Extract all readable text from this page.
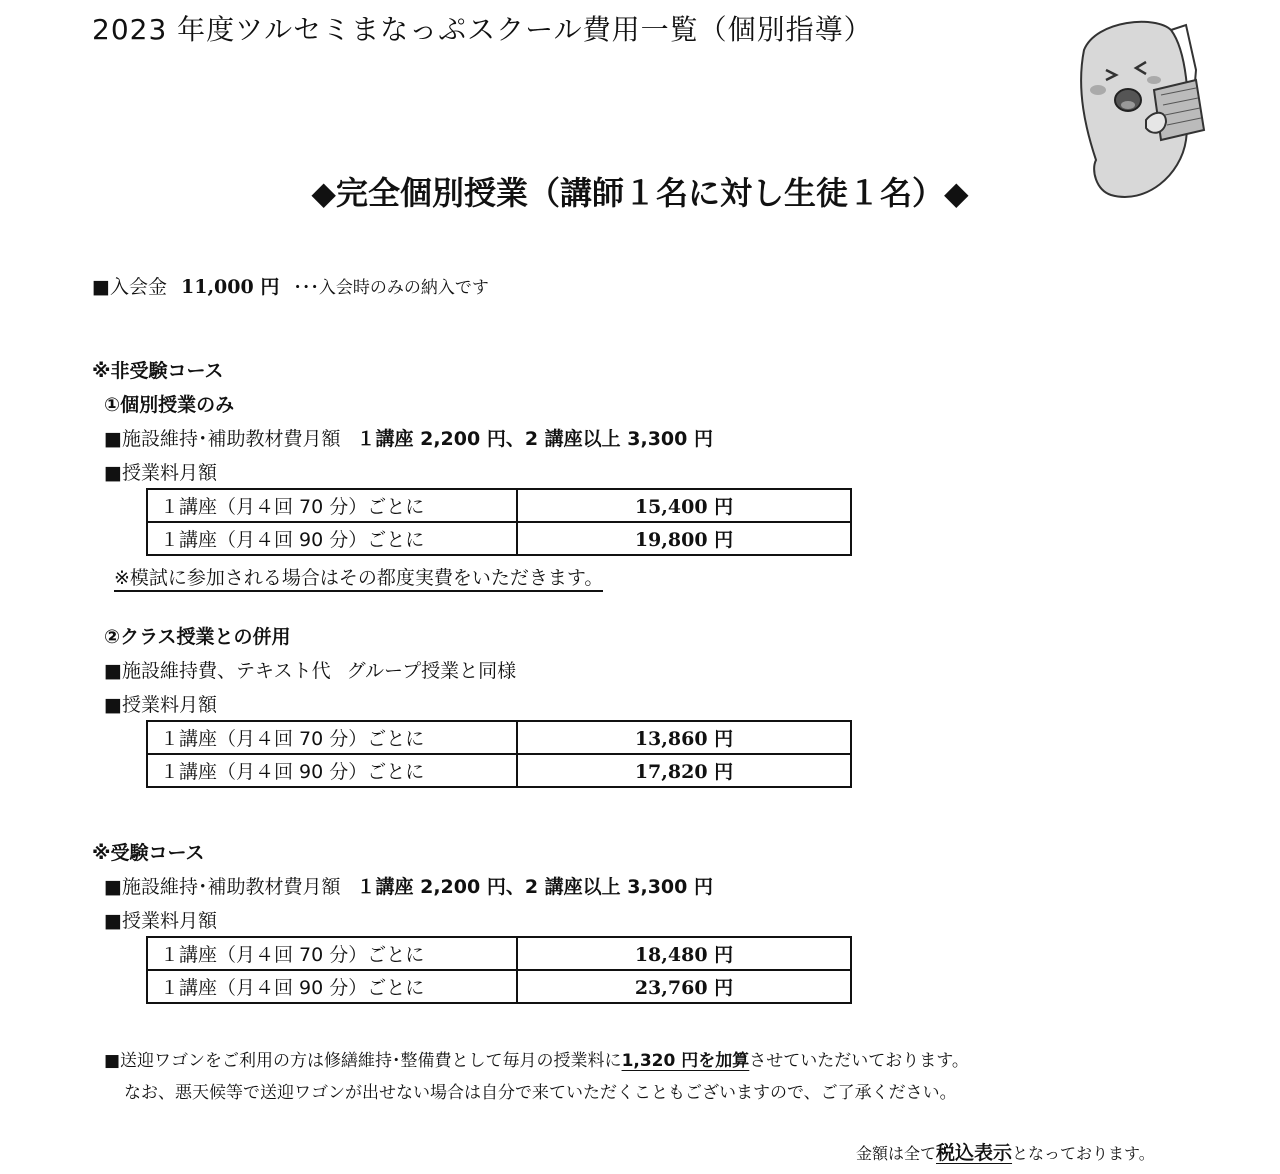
2023 年度ツルセミまなっぷスクール費用一覧（個別指導）
◆完全個別授業（講師１名に対し生徒１名）◆
■入会金 11,000 円 ･･･入会時のみの納入です
※非受験コース
①個別授業のみ
■施設維持･補助教材費月額 １講座 2,200 円、2 講座以上 3,300 円
■授業料月額
１講座（月４回 70 分）ごとに	15,400 円
１講座（月４回 90 分）ごとに	19,800 円
※模試に参加される場合はその都度実費をいただきます。
②クラス授業との併用
■施設維持費、テキスト代 グループ授業と同様
■授業料月額
１講座（月４回 70 分）ごとに	13,860 円
１講座（月４回 90 分）ごとに	17,820 円
※受験コース
■施設維持･補助教材費月額 １講座 2,200 円、2 講座以上 3,300 円
■授業料月額
１講座（月４回 70 分）ごとに	18,480 円
１講座（月４回 90 分）ごとに	23,760 円
■送迎ワゴンをご利用の方は修繕維持･整備費として毎月の授業料に1,320 円を加算させていただいております。
なお、悪天候等で送迎ワゴンが出せない場合は自分で来ていただくこともございますので、ご了承ください。
金額は全て税込表示となっております。
